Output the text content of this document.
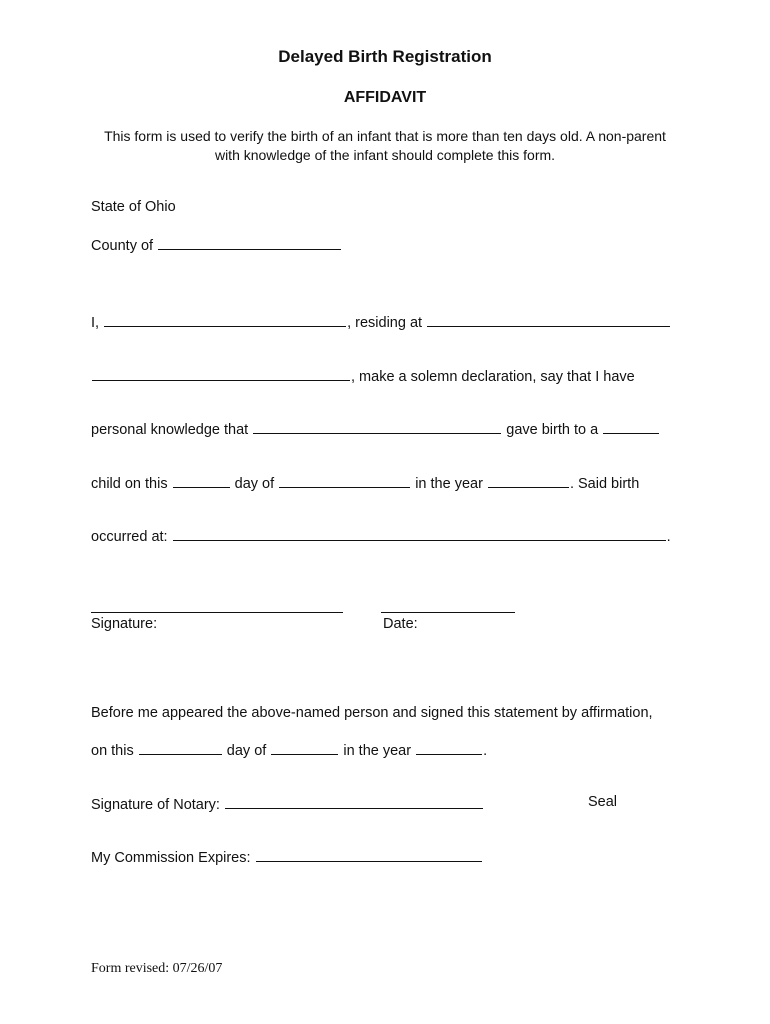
Delayed Birth Registration
AFFIDAVIT
This form is used to verify the birth of an infant that is more than ten days old. A non-parent with knowledge of the infant should complete this form.
State of Ohio
County of
I,	, residing at
, make a solemn declaration, say that I have
personal knowledge that	gave birth to a
child on this	day of	in the year	. Said birth
occurred at:	.
Signature:	Date:
Before me appeared the above-named person and signed this statement by affirmation,
on this	day of	in the year	.
Signature of Notary:	Seal
My Commission Expires:
Form revised: 07/26/07
